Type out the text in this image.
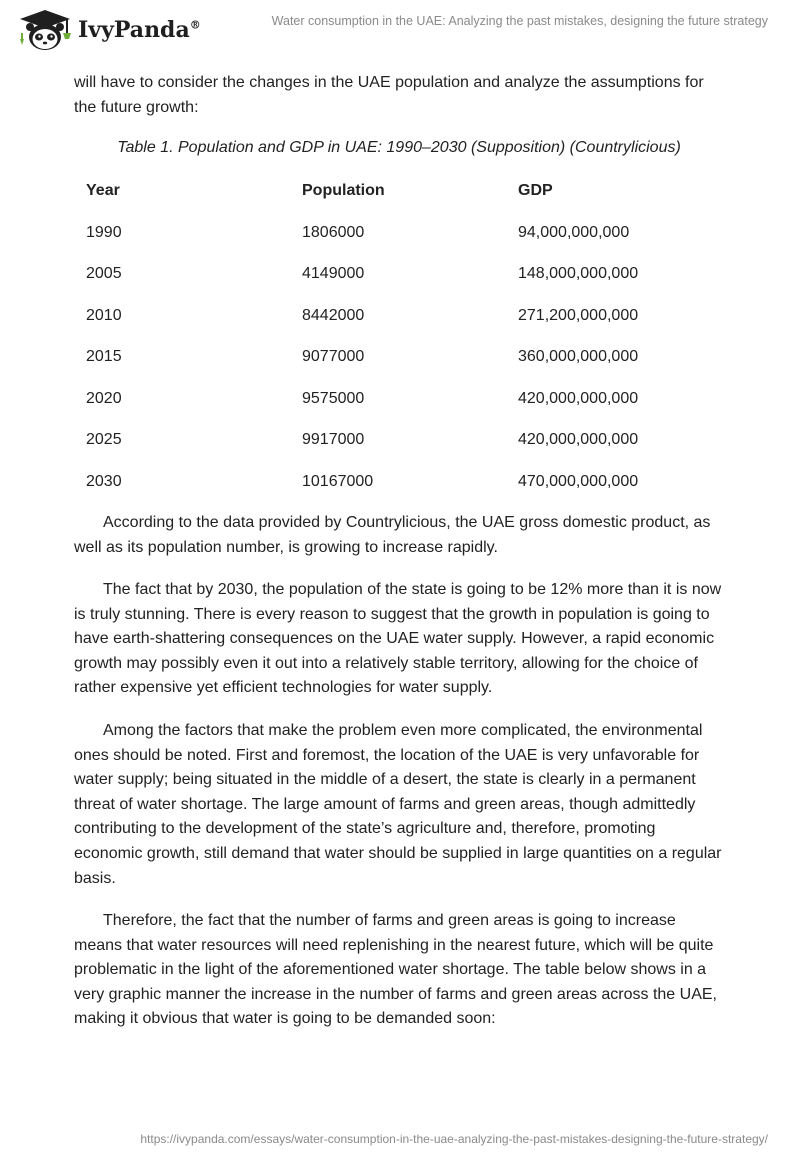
IvyPanda®	Water consumption in the UAE: Analyzing the past mistakes, designing the future strategy

will have to consider the changes in the UAE population and analyze the assumptions for the future growth:

Table 1. Population and GDP in UAE: 1990–2030 (Supposition) (Countrylicious)
Year	Population	GDP
1990	1806000	94,000,000,000
2005	4149000	148,000,000,000
2010	8442000	271,200,000,000
2015	9077000	360,000,000,000
2020	9575000	420,000,000,000
2025	9917000	420,000,000,000
2030	10167000	470,000,000,000

According to the data provided by Countrylicious, the UAE gross domestic product, as well as its population number, is growing to increase rapidly.

The fact that by 2030, the population of the state is going to be 12% more than it is now is truly stunning. There is every reason to suggest that the growth in population is going to have earth-shattering consequences on the UAE water supply. However, a rapid economic growth may possibly even it out into a relatively stable territory, allowing for the choice of rather expensive yet efficient technologies for water supply.

Among the factors that make the problem even more complicated, the environmental ones should be noted. First and foremost, the location of the UAE is very unfavorable for water supply; being situated in the middle of a desert, the state is clearly in a permanent threat of water shortage. The large amount of farms and green areas, though admittedly contributing to the development of the state’s agriculture and, therefore, promoting economic growth, still demand that water should be supplied in large quantities on a regular basis.

Therefore, the fact that the number of farms and green areas is going to increase means that water resources will need replenishing in the nearest future, which will be quite problematic in the light of the aforementioned water shortage. The table below shows in a very graphic manner the increase in the number of farms and green areas across the UAE, making it obvious that water is going to be demanded soon:

https://ivypanda.com/essays/water-consumption-in-the-uae-analyzing-the-past-mistakes-designing-the-future-strategy/
